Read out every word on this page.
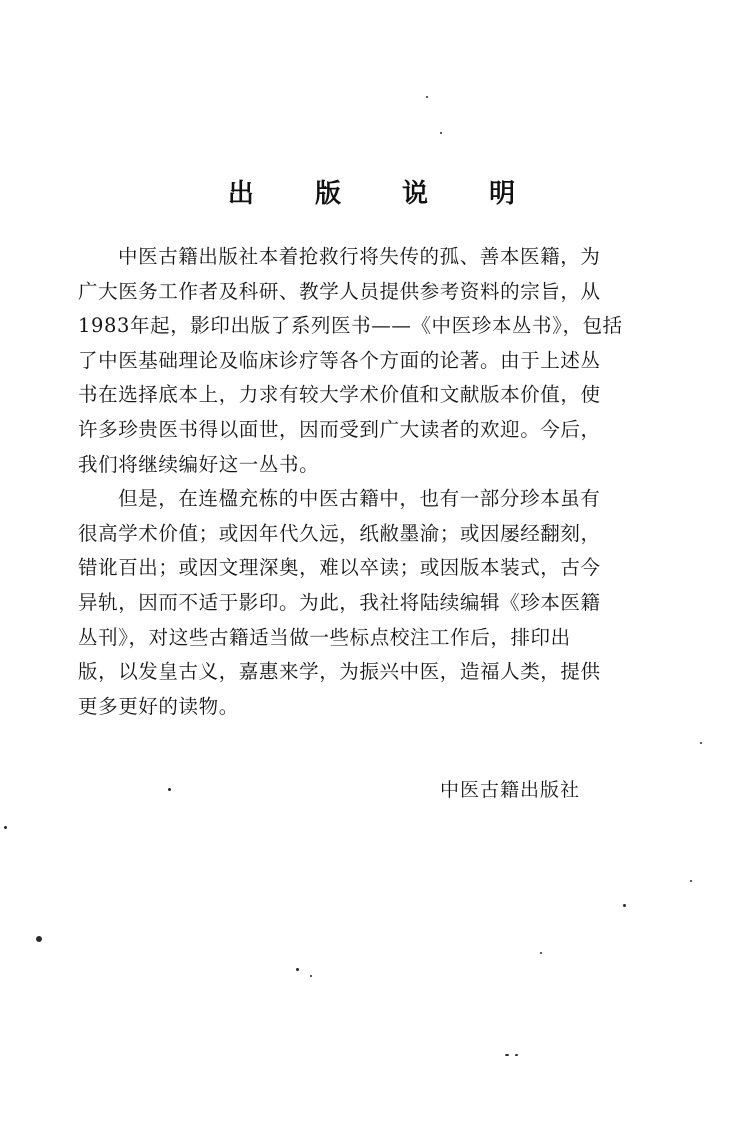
出 版 说 明
中医古籍出版社本着抢救行将失传的孤、善本医籍，为
广大医务工作者及科研、教学人员提供参考资料的宗旨，从
1983年起，影印出版了系列医书——《中医珍本丛书》，包括
了中医基础理论及临床诊疗等各个方面的论著。由于上述丛
书在选择底本上，力求有较大学术价值和文献版本价值，使
许多珍贵医书得以面世，因而受到广大读者的欢迎。今后，
我们将继续编好这一丛书。
但是，在连楹充栋的中医古籍中，也有一部分珍本虽有
很高学术价值；或因年代久远，纸敝墨渝；或因屡经翻刻，
错讹百出；或因文理深奥，难以卒读；或因版本装式，古今
异轨，因而不适于影印。为此，我社将陆续编辑《珍本医籍
丛刊》，对这些古籍适当做一些标点校注工作后，排印出
版，以发皇古义，嘉惠来学，为振兴中医，造福人类，提供
更多更好的读物。
中医古籍出版社
